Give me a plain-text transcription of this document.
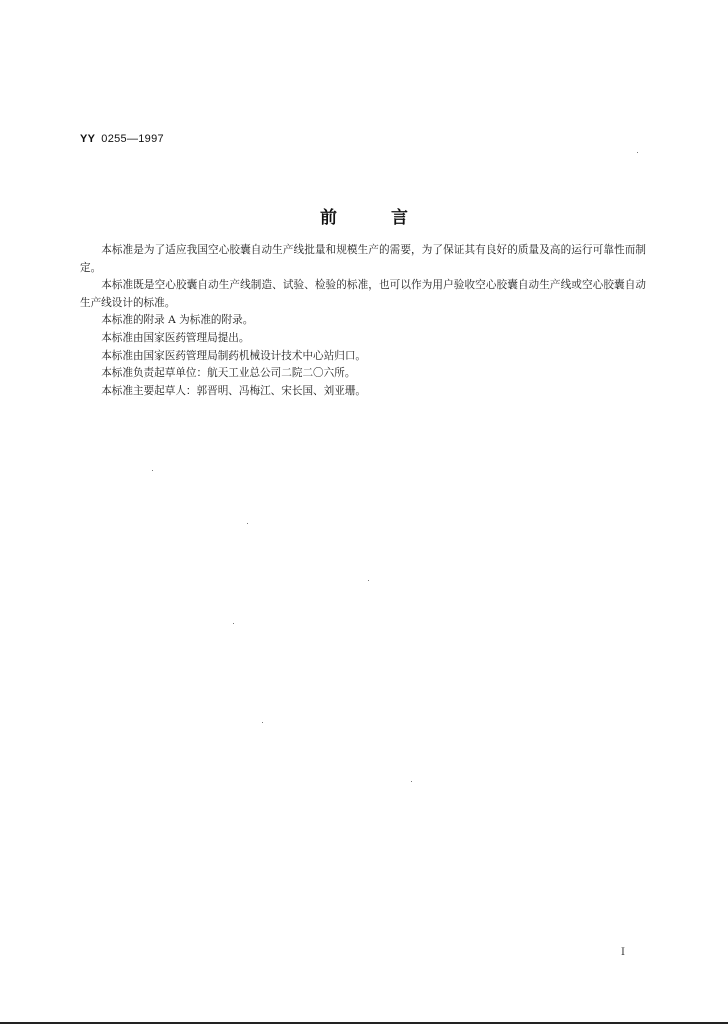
YY 0255—1997
前言

本标准是为了适应我国空心胶囊自动生产线批量和规模生产的需要，为了保证其有良好的质量及高的运行可靠性而制定。

本标准既是空心胶囊自动生产线制造、试验、检验的标准，也可以作为用户验收空心胶囊自动生产线或空心胶囊自动生产线设计的标准。

本标准的附录 A 为标准的附录。

本标准由国家医药管理局提出。

本标准由国家医药管理局制药机械设计技术中心站归口。

本标准负责起草单位：航天工业总公司二院二〇六所。

本标准主要起草人：郭晋明、冯梅江、宋长国、刘亚珊。

I
